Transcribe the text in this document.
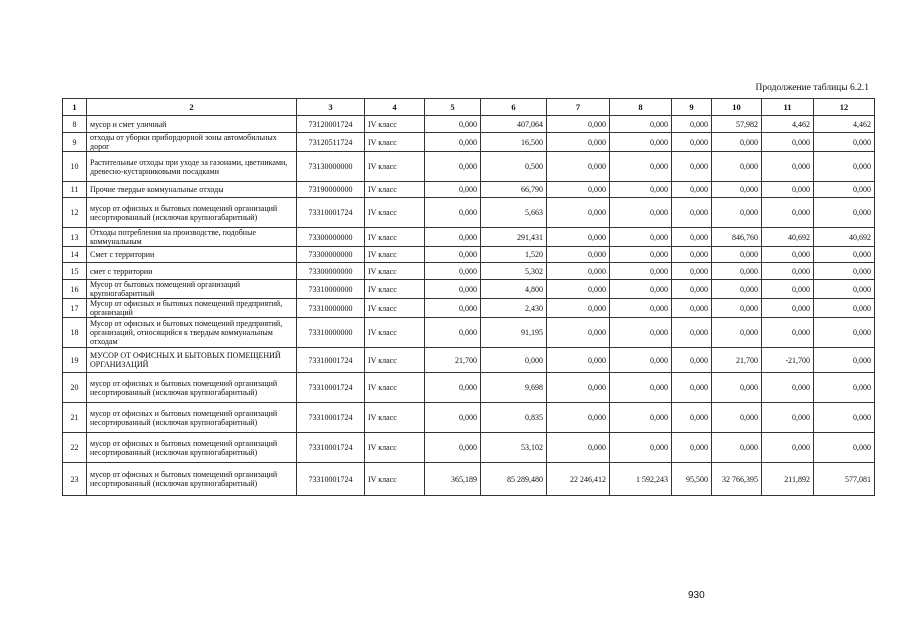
Продолжение таблицы 6.2.1
1	2	3	4	5	6	7	8	9	10	11	12
8	мусор и смет уличный	73120001724	IV класс	0,000	407,064	0,000	0,000	0,000	57,982	4,462	4,462
9	отходы от уборки прибордюрной зоны автомобильных дорог	73120511724	IV класс	0,000	16,500	0,000	0,000	0,000	0,000	0,000	0,000
10	Растительные отходы при уходе за газонами, цветниками, древесно-кустарниковыми посадками	73130000000	IV класс	0,000	0,500	0,000	0,000	0,000	0,000	0,000	0,000
11	Прочие твердые коммунальные отходы	73190000000	IV класс	0,000	66,790	0,000	0,000	0,000	0,000	0,000	0,000
12	мусор от офисных и бытовых помещений организаций несортированный (исключая крупногабаритный)	73310001724	IV класс	0,000	5,663	0,000	0,000	0,000	0,000	0,000	0,000
13	Отходы потребления на производстве, подобные коммунальным	73300000000	IV класс	0,000	291,431	0,000	0,000	0,000	846,760	40,692	40,692
14	Смет с территории	73300000000	IV класс	0,000	1,520	0,000	0,000	0,000	0,000	0,000	0,000
15	смет с территории	73300000000	IV класс	0,000	5,302	0,000	0,000	0,000	0,000	0,000	0,000
16	Мусор от бытовых помещений организаций крупногабаритный	73310000000	IV класс	0,000	4,800	0,000	0,000	0,000	0,000	0,000	0,000
17	Мусор от офисных и бытовых помещений предприятий, организаций	73310000000	IV класс	0,000	2,430	0,000	0,000	0,000	0,000	0,000	0,000
18	Мусор от офисных и бытовых помещений предприятий, организаций, относящийся к твердым коммунальным отходам	73310000000	IV класс	0,000	91,195	0,000	0,000	0,000	0,000	0,000	0,000
19	МУСОР ОТ ОФИСНЫХ И БЫТОВЫХ ПОМЕЩЕНИЙ ОРГАНИЗАЦИЙ	73310001724	IV класс	21,700	0,000	0,000	0,000	0,000	21,700	-21,700	0,000
20	мусор от офисных и бытовых помещений организаций несортированный (исключая крупногабаритный)	73310001724	IV класс	0,000	9,698	0,000	0,000	0,000	0,000	0,000	0,000
21	мусор от офисных и бытовых помещений организаций несортированный (исключая крупногабаритный)	73310001724	IV класс	0,000	0,835	0,000	0,000	0,000	0,000	0,000	0,000
22	мусор от офисных и бытовых помещений организаций несортированный (исключая крупногабаритный)	73310001724	IV класс	0,000	53,102	0,000	0,000	0,000	0,000	0,000	0,000
23	мусор от офисных и бытовых помещений организаций несортированный (исключая крупногабаритный)	73310001724	IV класс	365,189	85 289,480	22 246,412	1 592,243	95,500	32 766,395	211,892	577,081
930
